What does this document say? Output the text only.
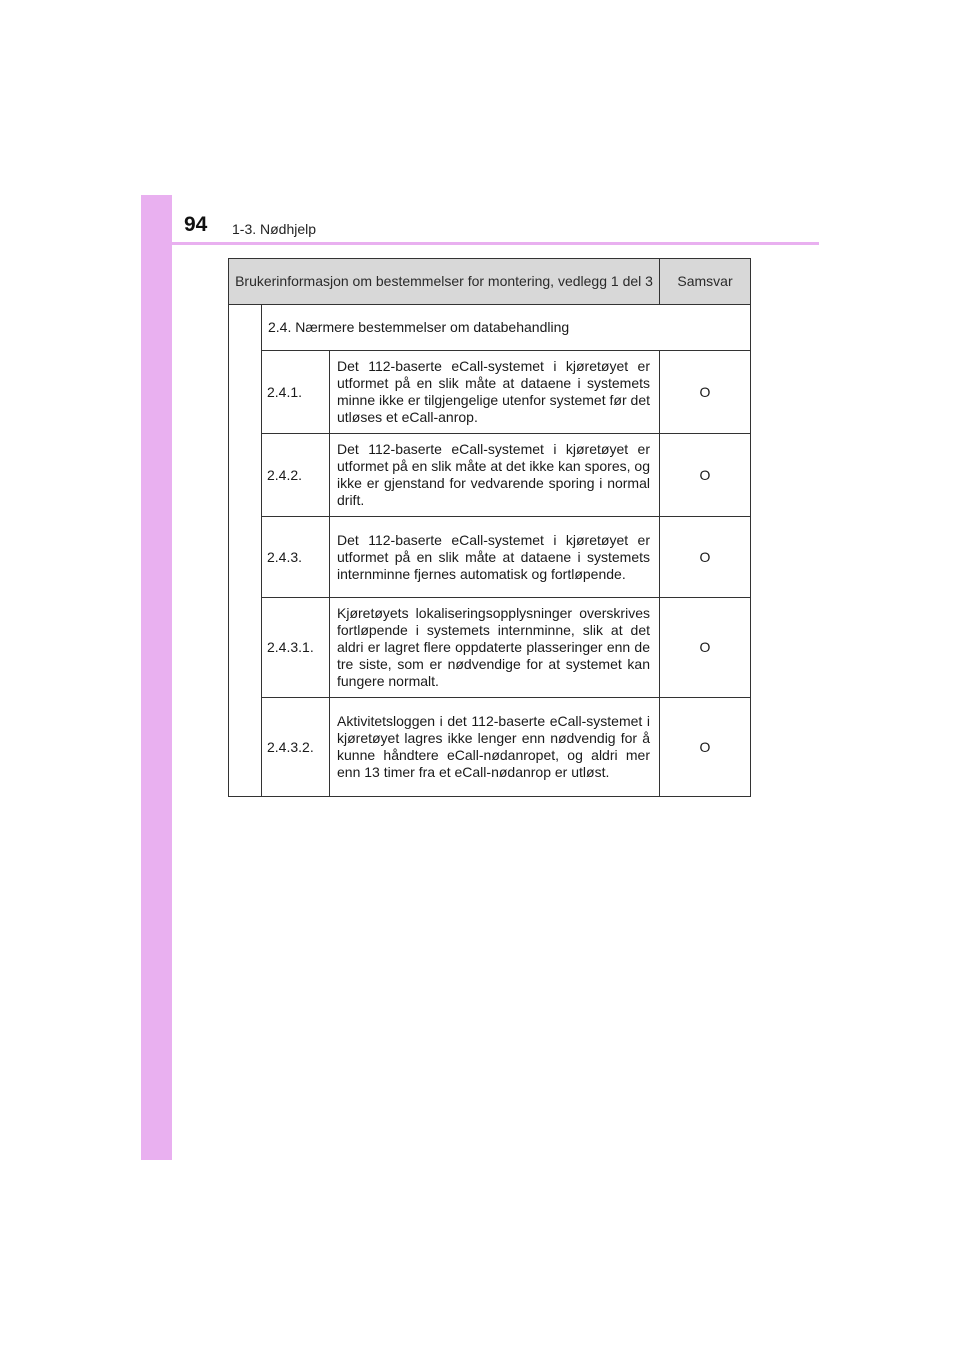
94 1-3. Nødhjelp
Brukerinformasjon om bestemmelser for montering, vedlegg 1 del 3			Samsvar
	2.4. Nærmere bestemmelser om databehandling		
	2.4.1.	Det 112-baserte eCall-systemet i kjøretøyet er utformet på en slik måte at dataene i systemets minne ikke er tilgjengelige utenfor systemet før det utløses et eCall-anrop.	O
	2.4.2.	Det 112-baserte eCall-systemet i kjøretøyet er utformet på en slik måte at det ikke kan spores, og ikke er gjenstand for vedvarende sporing i normal drift.	O
	2.4.3.	Det 112-baserte eCall-systemet i kjøretøyet er utformet på en slik måte at dataene i systemets internminne fjernes automatisk og fortløpende.	O
	2.4.3.1.	Kjøretøyets lokaliseringsopplysninger overskrives fortløpende i systemets internminne, slik at det aldri er lagret flere oppdaterte plasseringer enn de tre siste, som er nødvendige for at systemet kan fungere normalt.	O
	2.4.3.2.	Aktivitetsloggen i det 112-baserte eCall-systemet i kjøretøyet lagres ikke lenger enn nødvendig for å kunne håndtere eCall-nødanropet, og aldri mer enn 13 timer fra et eCall-nødanrop er utløst.	O
